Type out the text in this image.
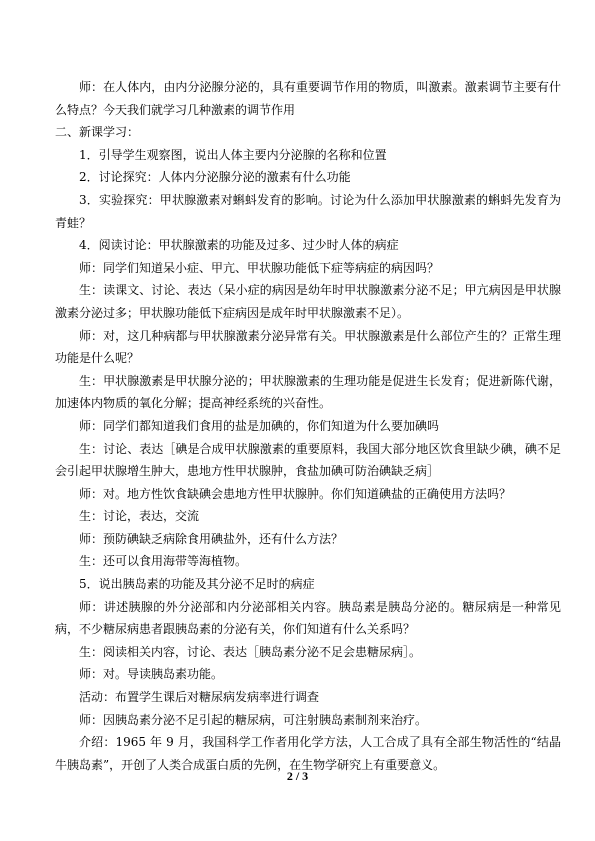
师：在人体内，由内分泌腺分泌的，具有重要调节作用的物质，叫激素。激素调节主要有什么特点？今天我们就学习几种激素的调节作用

二、新课学习：

1．引导学生观察图，说出人体主要内分泌腺的名称和位置

2．讨论探究：人体内分泌腺分泌的激素有什么功能

3．实验探究：甲状腺激素对蝌蚪发育的影响。讨论为什么添加甲状腺激素的蝌蚪先发育为青蛙？

4．阅读讨论：甲状腺激素的功能及过多、过少时人体的病症

师：同学们知道呆小症、甲亢、甲状腺功能低下症等病症的病因吗？

生：读课文、讨论、表达（呆小症的病因是幼年时甲状腺激素分泌不足；甲亢病因是甲状腺激素分泌过多；甲状腺功能低下症病因是成年时甲状腺激素不足）。

师：对，这几种病都与甲状腺激素分泌异常有关。甲状腺激素是什么部位产生的？正常生理功能是什么呢？

生：甲状腺激素是甲状腺分泌的；甲状腺激素的生理功能是促进生长发育；促进新陈代谢，加速体内物质的氧化分解；提高神经系统的兴奋性。

师：同学们都知道我们食用的盐是加碘的，你们知道为什么要加碘吗

生：讨论、表达［碘是合成甲状腺激素的重要原料，我国大部分地区饮食里缺少碘，碘不足会引起甲状腺增生肿大，患地方性甲状腺肿，食盐加碘可防治碘缺乏病］

师：对。地方性饮食缺碘会患地方性甲状腺肿。你们知道碘盐的正确使用方法吗？

生：讨论，表达，交流

师：预防碘缺乏病除食用碘盐外，还有什么方法？

生：还可以食用海带等海植物。

5．说出胰岛素的功能及其分泌不足时的病症

师：讲述胰腺的外分泌部和内分泌部相关内容。胰岛素是胰岛分泌的。糖尿病是一种常见病，不少糖尿病患者跟胰岛素的分泌有关，你们知道有什么关系吗？

生：阅读相关内容，讨论、表达［胰岛素分泌不足会患糖尿病］。

师：对。导读胰岛素功能。

活动：布置学生课后对糖尿病发病率进行调查

师：因胰岛素分泌不足引起的糖尿病，可注射胰岛素制剂来治疗。

介绍：1965 年 9 月，我国科学工作者用化学方法，人工合成了具有全部生物活性的“结晶牛胰岛素”，开创了人类合成蛋白质的先例，在生物学研究上有重要意义。

2 / 3
